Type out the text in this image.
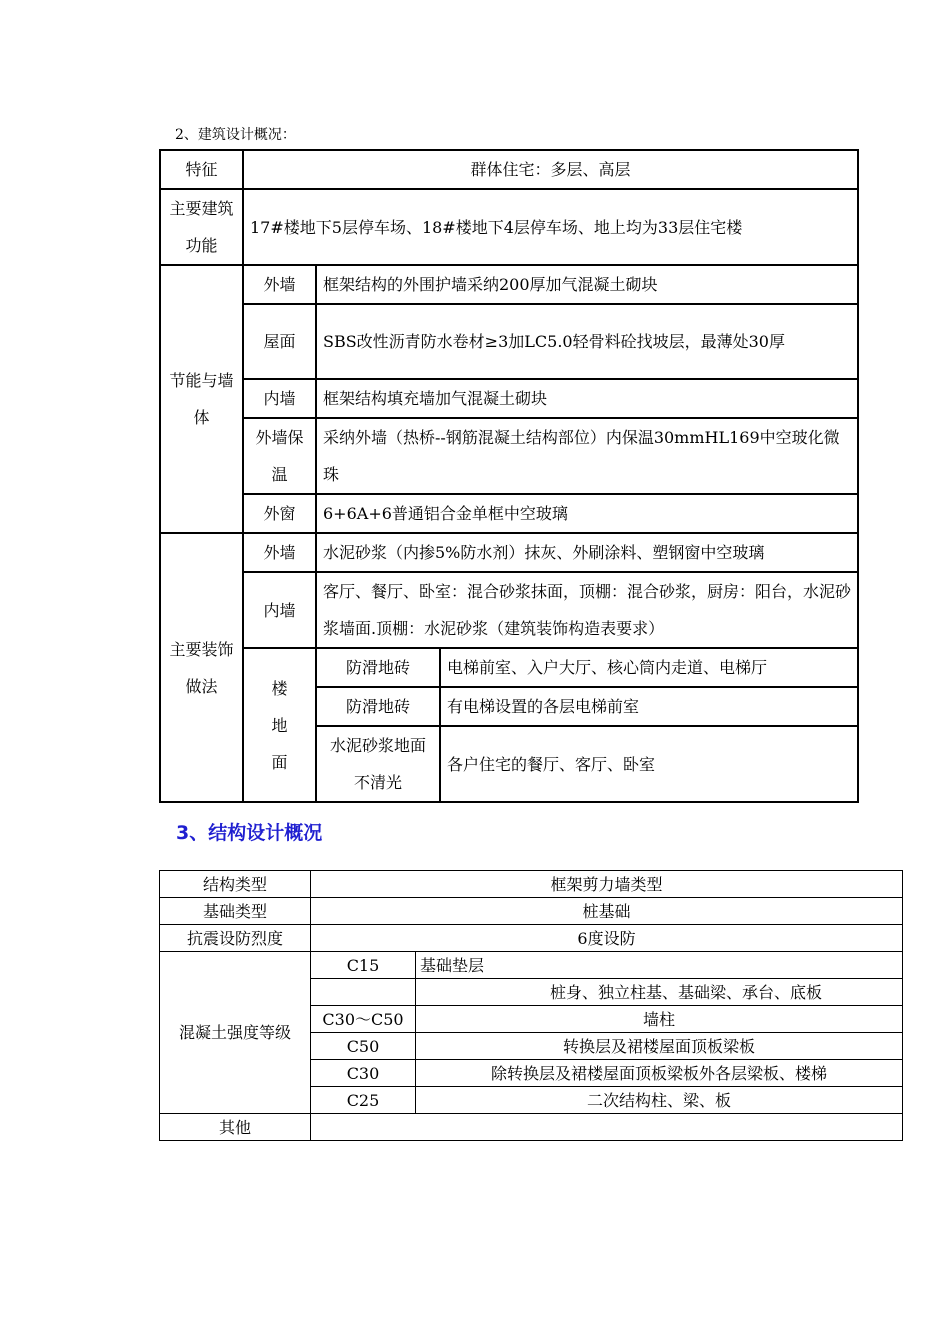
2、建筑设计概况：
特征	群体住宅：多层、高层		
主要建筑功能	17#楼地下5层停车场、18#楼地下4层停车场、地上均为33层住宅楼		
节能与墙体	外墙	框架结构的外围护墙采纳200厚加气混凝土砌块	
	屋面	SBS改性沥青防水卷材≥3加LC5.0轻骨料砼找坡层，最薄处30厚	
	内墙	框架结构填充墙加气混凝土砌块	
	外墙保温	采纳外墙（热桥--钢筋混凝土结构部位）内保温30mmHL169中空玻化微珠	
	外窗	6+6A+6普通铝合金单框中空玻璃	
主要装饰做法	外墙	水泥砂浆（内掺5%防水剂）抹灰、外刷涂料、塑钢窗中空玻璃	
	内墙	客厅、餐厅、卧室：混合砂浆抹面，顶棚：混合砂浆，厨房：阳台，水泥砂浆墙面.顶棚：水泥砂浆（建筑装饰构造表要求）	
	楼地面	防滑地砖	电梯前室、入户大厅、核心筒内走道、电梯厅
		防滑地砖	有电梯设置的各层电梯前室
		水泥砂浆地面不清光	各户住宅的餐厅、客厅、卧室
3、结构设计概况
结构类型	框架剪力墙类型	
基础类型	桩基础	
抗震设防烈度	6度设防	
混凝土强度等级	C15	基础垫层
		桩身、独立柱基、基础梁、承台、底板
	C30～C50	墙柱
	C50	转换层及裙楼屋面顶板梁板
	C30	除转换层及裙楼屋面顶板梁板外各层梁板、楼梯
	C25	二次结构柱、梁、板
其他		
